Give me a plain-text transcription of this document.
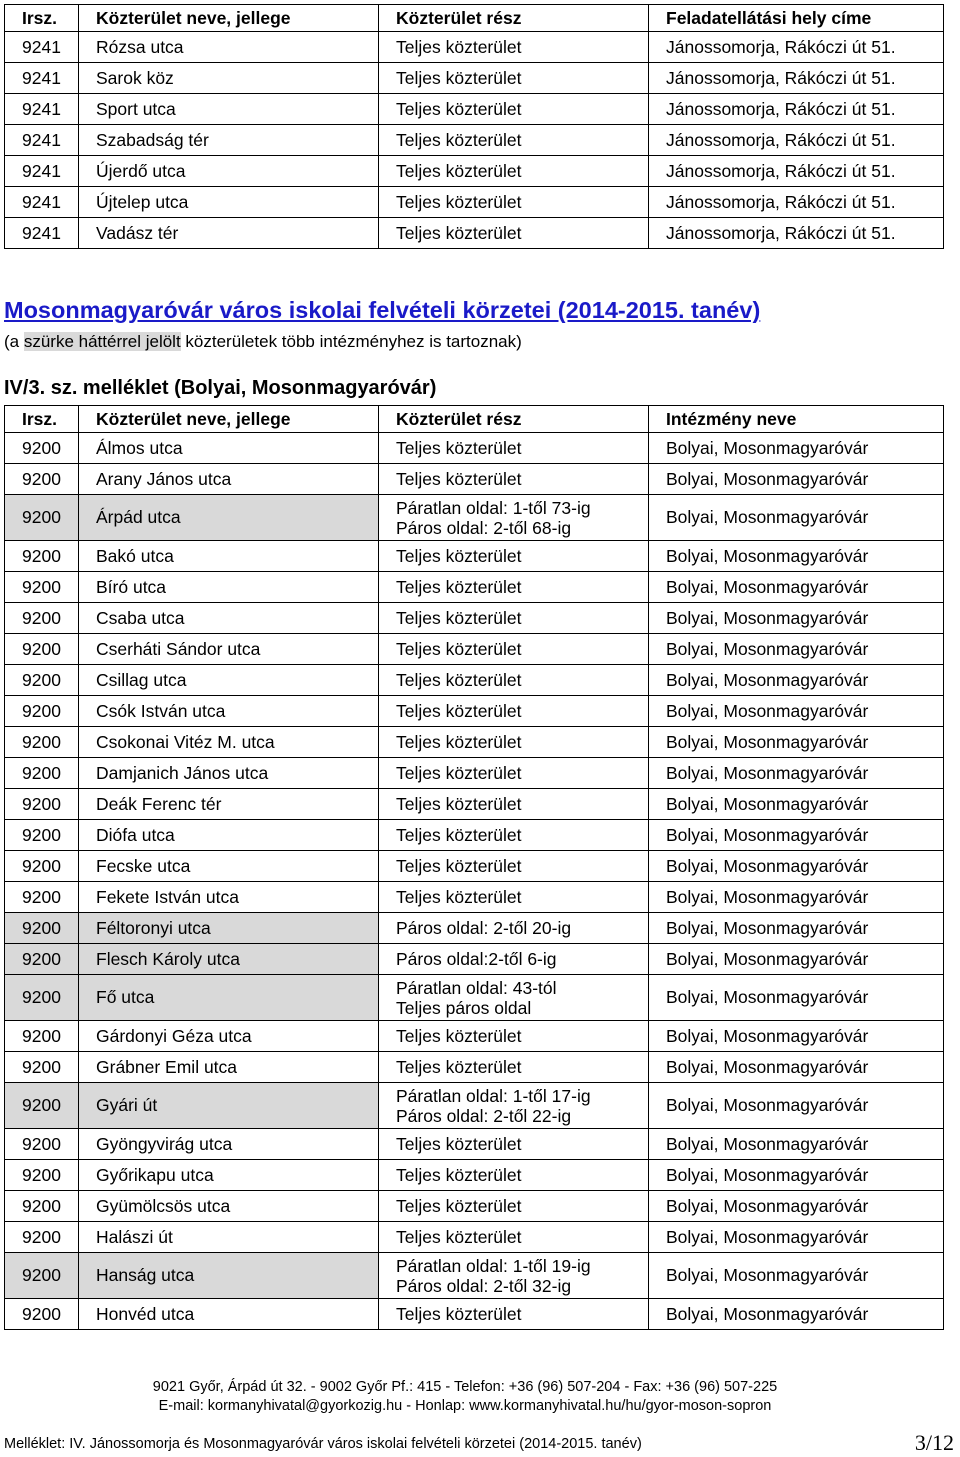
Irsz.	Közterület neve, jellege	Közterület rész	Feladatellátási hely címe
9241	Rózsa utca	Teljes közterület	Jánossomorja, Rákóczi út 51.
9241	Sarok köz	Teljes közterület	Jánossomorja, Rákóczi út 51.
9241	Sport utca	Teljes közterület	Jánossomorja, Rákóczi út 51.
9241	Szabadság tér	Teljes közterület	Jánossomorja, Rákóczi út 51.
9241	Újerdő utca	Teljes közterület	Jánossomorja, Rákóczi út 51.
9241	Újtelep utca	Teljes közterület	Jánossomorja, Rákóczi út 51.
9241	Vadász tér	Teljes közterület	Jánossomorja, Rákóczi út 51.
Mosonmagyaróvár város iskolai felvételi körzetei (2014-2015. tanév)
(a szürke háttérrel jelölt közterületek több intézményhez is tartoznak)
IV/3. sz. melléklet (Bolyai, Mosonmagyaróvár)
Irsz.	Közterület neve, jellege	Közterület rész	Intézmény neve
9200	Álmos utca	Teljes közterület	Bolyai, Mosonmagyaróvár
9200	Arany János utca	Teljes közterület	Bolyai, Mosonmagyaróvár
9200	Árpád utca	Páratlan oldal: 1-től 73-ig
Páros oldal: 2-től 68-ig	Bolyai, Mosonmagyaróvár
9200	Bakó utca	Teljes közterület	Bolyai, Mosonmagyaróvár
9200	Bíró utca	Teljes közterület	Bolyai, Mosonmagyaróvár
9200	Csaba utca	Teljes közterület	Bolyai, Mosonmagyaróvár
9200	Cserháti Sándor utca	Teljes közterület	Bolyai, Mosonmagyaróvár
9200	Csillag utca	Teljes közterület	Bolyai, Mosonmagyaróvár
9200	Csók István utca	Teljes közterület	Bolyai, Mosonmagyaróvár
9200	Csokonai Vitéz M. utca	Teljes közterület	Bolyai, Mosonmagyaróvár
9200	Damjanich János utca	Teljes közterület	Bolyai, Mosonmagyaróvár
9200	Deák Ferenc tér	Teljes közterület	Bolyai, Mosonmagyaróvár
9200	Diófa utca	Teljes közterület	Bolyai, Mosonmagyaróvár
9200	Fecske utca	Teljes közterület	Bolyai, Mosonmagyaróvár
9200	Fekete István utca	Teljes közterület	Bolyai, Mosonmagyaróvár
9200	Féltoronyi utca	Páros oldal: 2-től 20-ig	Bolyai, Mosonmagyaróvár
9200	Flesch Károly utca	Páros oldal:2-től 6-ig	Bolyai, Mosonmagyaróvár
9200	Fő utca	Páratlan oldal: 43-tól
Teljes páros oldal	Bolyai, Mosonmagyaróvár
9200	Gárdonyi Géza utca	Teljes közterület	Bolyai, Mosonmagyaróvár
9200	Grábner Emil utca	Teljes közterület	Bolyai, Mosonmagyaróvár
9200	Gyári út	Páratlan oldal: 1-től 17-ig
Páros oldal: 2-től 22-ig	Bolyai, Mosonmagyaróvár
9200	Gyöngyvirág utca	Teljes közterület	Bolyai, Mosonmagyaróvár
9200	Győrikapu utca	Teljes közterület	Bolyai, Mosonmagyaróvár
9200	Gyümölcsös utca	Teljes közterület	Bolyai, Mosonmagyaróvár
9200	Halászi út	Teljes közterület	Bolyai, Mosonmagyaróvár
9200	Hanság utca	Páratlan oldal: 1-től 19-ig
Páros oldal: 2-től 32-ig	Bolyai, Mosonmagyaróvár
9200	Honvéd utca	Teljes közterület	Bolyai, Mosonmagyaróvár
9021 Győr, Árpád út 32. - 9002 Győr Pf.: 415 - Telefon: +36 (96) 507-204 - Fax: +36 (96) 507-225
E-mail: kormanyhivatal@gyorkozig.hu - Honlap: www.kormanyhivatal.hu/hu/gyor-moson-sopron
Melléklet: IV. Jánossomorja és Mosonmagyaróvár város iskolai felvételi körzetei (2014-2015. tanév)	3/12
